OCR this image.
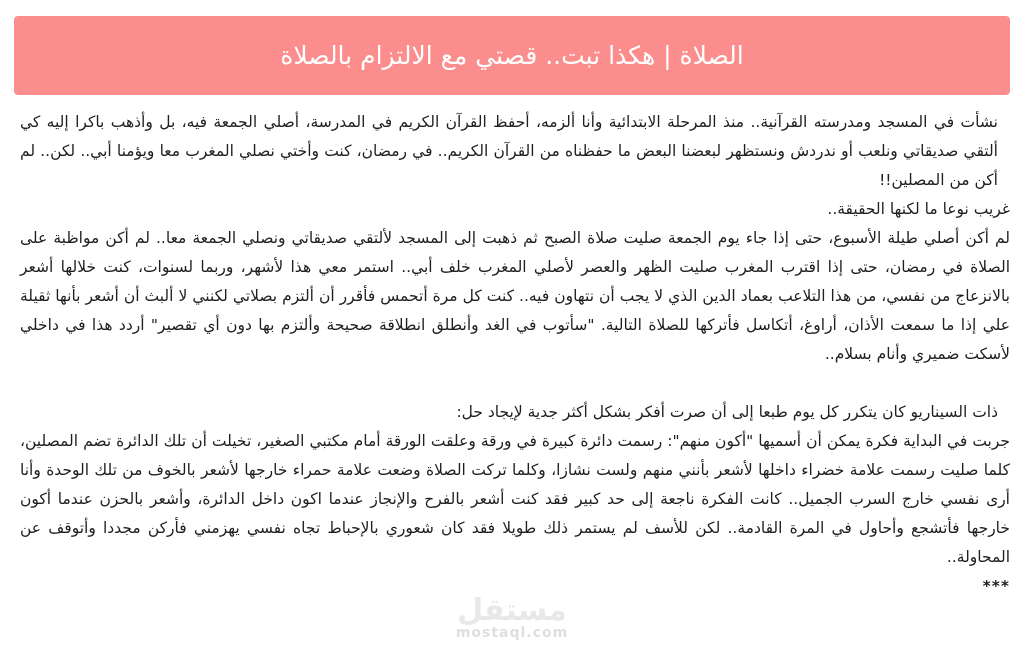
الصلاة | هكذا تبت.. قصتي مع الالتزام بالصلاة

نشأت في المسجد ومدرسته القرآنية.. منذ المرحلة الابتدائية وأنا ألزمه، أحفظ القرآن الكريم في المدرسة، أصلي الجمعة فيه، بل وأذهب باكرا إليه كي ألتقي صديقاتي ونلعب أو ندردش ونستظهر لبعضنا البعض ما حفظناه من القرآن الكريم.. في رمضان، كنت وأختي نصلي المغرب معا ويؤمنا أبي.. لكن.. لم أكن من المصلين!!

غريب نوعا ما لكنها الحقيقة..

لم أكن أصلي طيلة الأسبوع، حتى إذا جاء يوم الجمعة صليت صلاة الصبح ثم ذهبت إلى المسجد لألتقي صديقاتي ونصلي الجمعة معا.. لم أكن مواظبة على الصلاة في رمضان، حتى إذا اقترب المغرب صليت الظهر والعصر لأصلي المغرب خلف أبي.. استمر معي هذا لأشهر، وربما لسنوات، كنت خلالها أشعر بالانزعاج من نفسي، من هذا التلاعب بعماد الدين الذي لا يجب أن نتهاون فيه.. كنت كل مرة أتحمس فأقرر أن ألتزم بصلاتي لكنني لا ألبث أن أشعر بأنها ثقيلة علي إذا ما سمعت الأذان، أراوغ، أتكاسل فأتركها للصلاة التالية. "سأتوب في الغد وأنطلق انطلاقة صحيحة وألتزم بها دون أي تقصير" أردد هذا في داخلي لأسكت ضميري وأنام بسلام..

ذات السيناريو كان يتكرر كل يوم طبعا إلى أن صرت أفكر بشكل أكثر جدية لإيجاد حل:

جربت في البداية فكرة يمكن أن أسميها "أكون منهم": رسمت دائرة كبيرة في ورقة وعلقت الورقة أمام مكتبي الصغير، تخيلت أن تلك الدائرة تضم المصلين، كلما صليت رسمت علامة خضراء داخلها لأشعر بأنني منهم ولست نشازا، وكلما تركت الصلاة وضعت علامة حمراء خارجها لأشعر بالخوف من تلك الوحدة وأنا أرى نفسي خارج السرب الجميل.. كانت الفكرة ناجعة إلى حد كبير فقد كنت أشعر بالفرح والإنجاز عندما اكون داخل الدائرة، وأشعر بالحزن عندما أكون خارجها فأتشجع وأحاول في المرة القادمة.. لكن للأسف لم يستمر ذلك طويلا فقد كان شعوري بالإحباط تجاه نفسي يهزمني فأركن مجددا وأتوقف عن المحاولة..

***

مستقل
mostaql.com
